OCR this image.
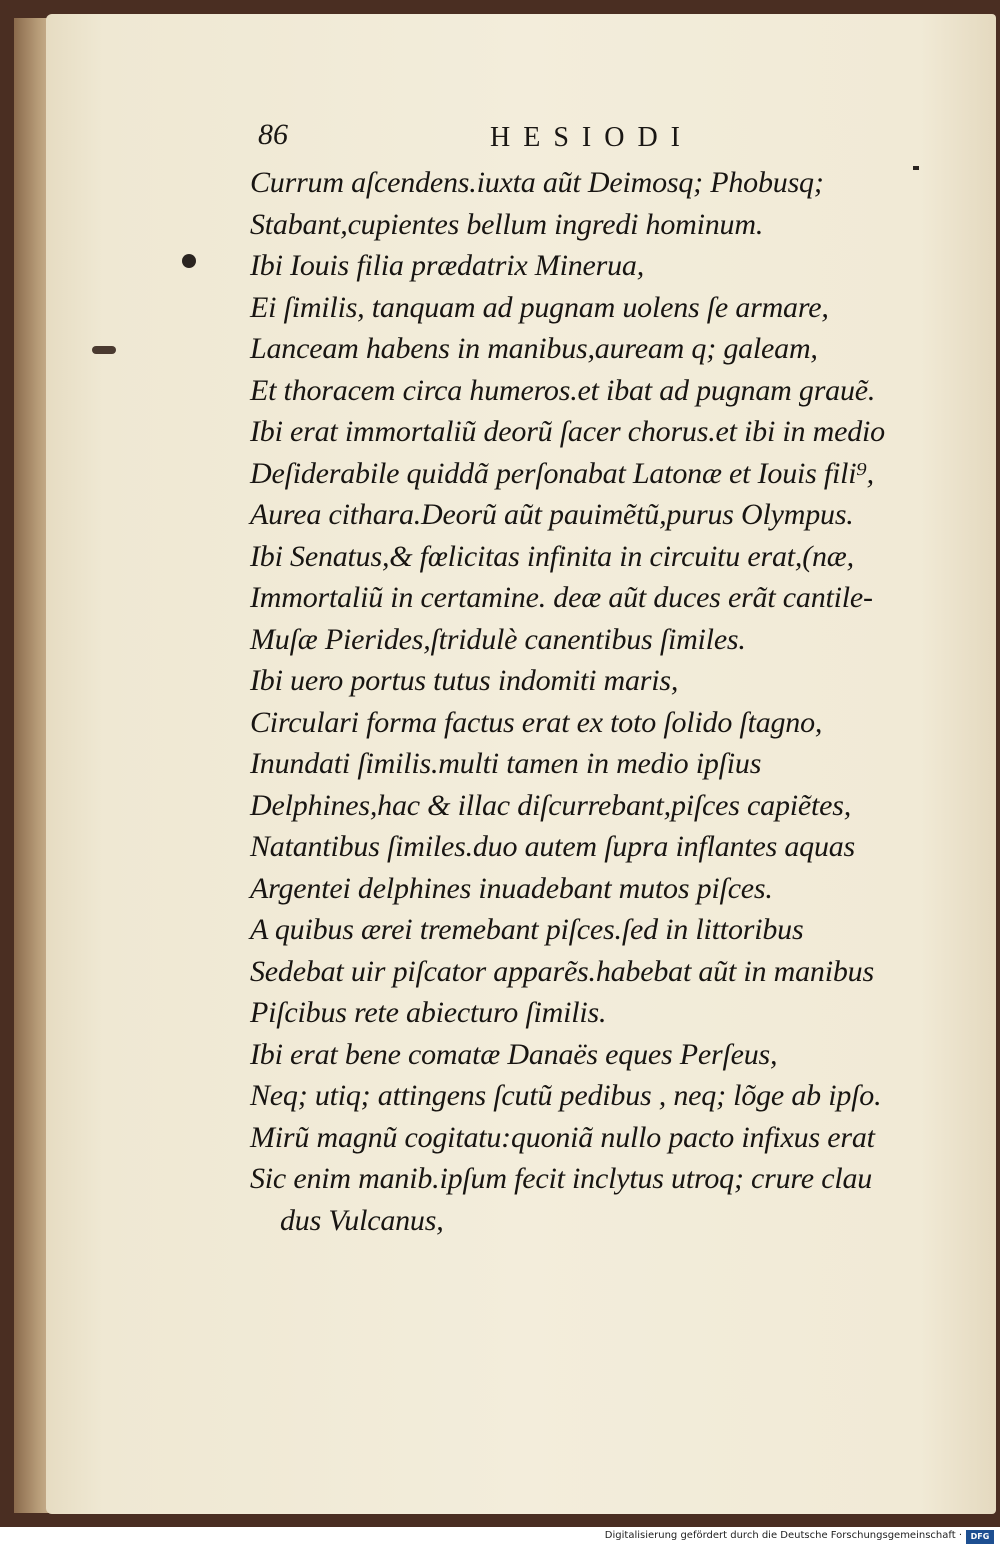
86	HESIODI
Currum aſcendens.iuxta aũt Deimosq; Phobusq;
Stabant,cupientes bellum ingredi hominum.
Ibi Iouis filia prædatrix Minerua,
Ei ſimilis, tanquam ad pugnam uolens ſe armare,
Lanceam habens in manibus,auream q; galeam,
Et thoracem circa humeros.et ibat ad pugnam grauẽ.
Ibi erat immortaliũ deorũ ſacer chorus.et ibi in medio
Deſiderabile quiddã perſonabat Latonæ et Iouis fili⁹,
Aurea cithara.Deorũ aũt pauimẽtũ,purus Olympus.
Ibi Senatus,& fœlicitas infinita in circuitu erat,(næ,
Immortaliũ in certamine. deæ aũt duces erãt cantile-
Muſæ Pierides,ſtridulè canentibus ſimiles.
Ibi uero portus tutus indomiti maris,
Circulari forma factus erat ex toto ſolido ſtagno,
Inundati ſimilis.multi tamen in medio ipſius
Delphines,hac & illac diſcurrebant,piſces capiẽtes,
Natantibus ſimiles.duo autem ſupra inflantes aquas
Argentei delphines inuadebant mutos piſces.
A quibus ærei tremebant piſces.ſed in littoribus
Sedebat uir piſcator apparẽs.habebat aũt in manibus
Piſcibus rete abiecturo ſimilis.
Ibi erat bene comatæ Danaës eques Perſeus,
Neq; utiq; attingens ſcutũ pedibus , neq; lõge ab ipſo.
Mirũ magnũ cogitatu:quoniã nullo pacto infixus erat
Sic enim manib.ipſum fecit inclytus utroq; crure clau
dus Vulcanus,
Digitalisierung gefördert durch die Deutsche Forschungsgemeinschaft ·	DFG
